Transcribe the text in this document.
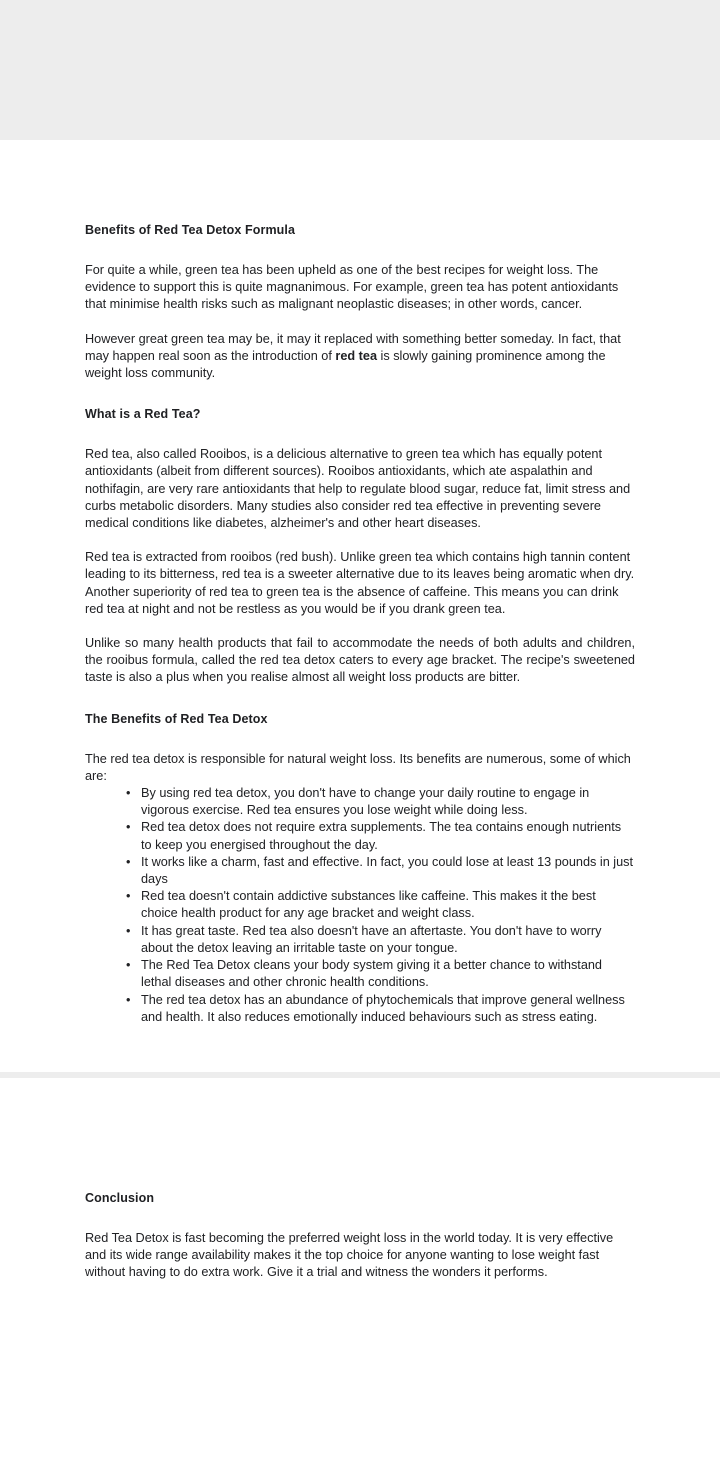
Benefits of Red Tea Detox Formula

For quite a while, green tea has been upheld as one of the best recipes for weight loss. The evidence to support this is quite magnanimous. For example, green tea has potent antioxidants that minimise health risks such as malignant neoplastic diseases; in other words, cancer.

However great green tea may be, it may it replaced with something better someday. In fact, that may happen real soon as the introduction of red tea is slowly gaining prominence among the weight loss community.

What is a Red Tea?

Red tea, also called Rooibos, is a delicious alternative to green tea which has equally potent antioxidants (albeit from different sources). Rooibos antioxidants, which ate aspalathin and nothifagin, are very rare antioxidants that help to regulate blood sugar, reduce fat, limit stress and curbs metabolic disorders. Many studies also consider red tea effective in preventing severe medical conditions like diabetes, alzheimer's and other heart diseases.

Red tea is extracted from rooibos (red bush). Unlike green tea which contains high tannin content leading to its bitterness, red tea is a sweeter alternative due to its leaves being aromatic when dry. Another superiority of red tea to green tea is the absence of caffeine. This means you can drink red tea at night and not be restless as you would be if you drank green tea.

Unlike so many health products that fail to accommodate the needs of both adults and children, the rooibus formula, called the red tea detox caters to every age bracket. The recipe's sweetened taste is also a plus when you realise almost all weight loss products are bitter.

The Benefits of Red Tea Detox

The red tea detox is responsible for natural weight loss. Its benefits are numerous, some of which are:

• By using red tea detox, you don't have to change your daily routine to engage in vigorous exercise. Red tea ensures you lose weight while doing less.
• Red tea detox does not require extra supplements. The tea contains enough nutrients to keep you energised throughout the day.
• It works like a charm, fast and effective. In fact, you could lose at least 13 pounds in just days
• Red tea doesn't contain addictive substances like caffeine. This makes it the best choice health product for any age bracket and weight class.
• It has great taste. Red tea also doesn't have an aftertaste. You don't have to worry about the detox leaving an irritable taste on your tongue.
• The Red Tea Detox cleans your body system giving it a better chance to withstand lethal diseases and other chronic health conditions.
• The red tea detox has an abundance of phytochemicals that improve general wellness and health. It also reduces emotionally induced behaviours such as stress eating.
Conclusion

Red Tea Detox is fast becoming the preferred weight loss in the world today. It is very effective and its wide range availability makes it the top choice for anyone wanting to lose weight fast without having to do extra work. Give it a trial and witness the wonders it performs.
